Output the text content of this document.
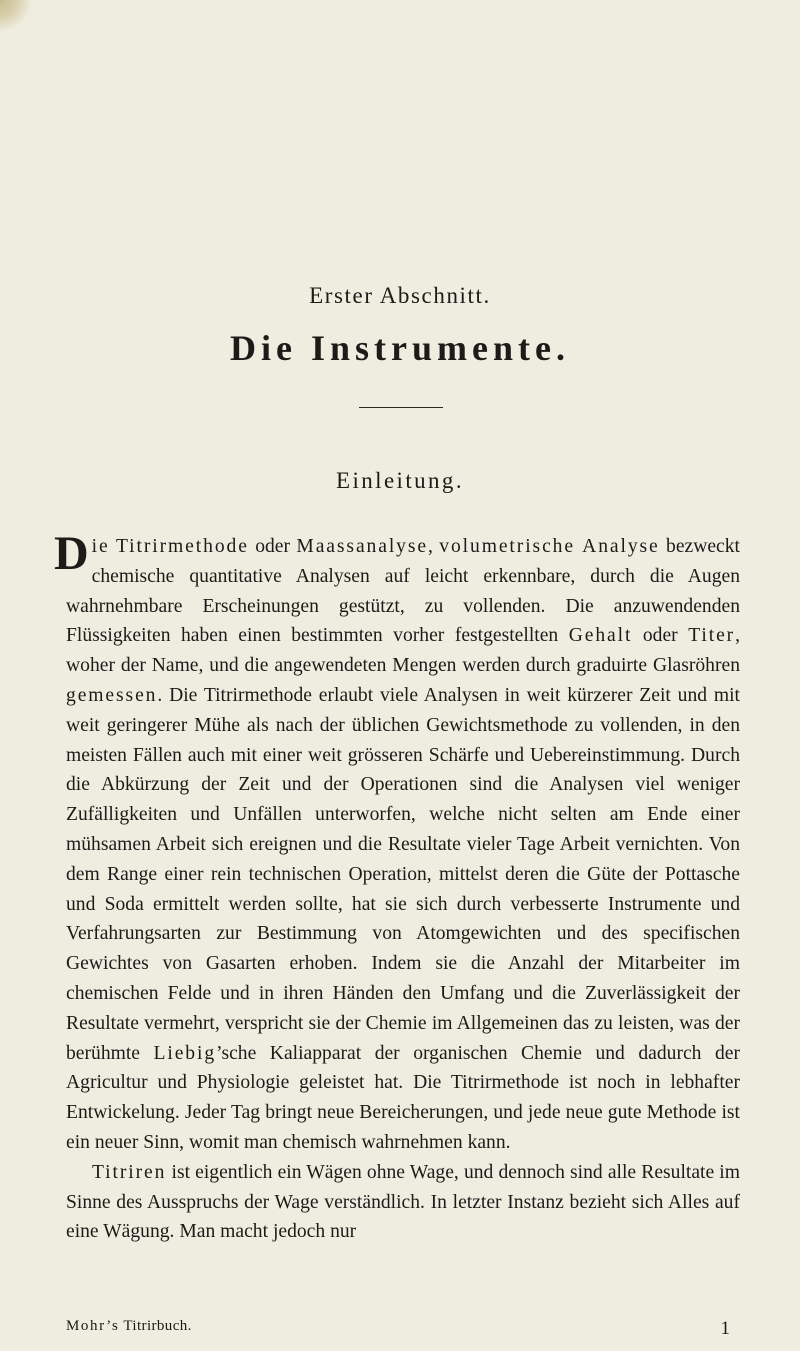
Erster Abschnitt.
Die Instrumente.
Einleitung.

Die Titrirmethode oder Maassanalyse, volumetrische Analyse bezweckt chemische quantitative Analysen auf leicht erkennbare, durch die Augen wahrnehmbare Erscheinungen gestützt, zu vollenden. Die anzuwendenden Flüssigkeiten haben einen bestimmten vorher festgestellten Gehalt oder Titer, woher der Name, und die angewendeten Mengen werden durch graduirte Glasröhren gemessen. Die Titrirmethode erlaubt viele Analysen in weit kürzerer Zeit und mit weit geringerer Mühe als nach der üblichen Gewichtsmethode zu vollenden, in den meisten Fällen auch mit einer weit grösseren Schärfe und Uebereinstimmung. Durch die Abkürzung der Zeit und der Operationen sind die Analysen viel weniger Zufälligkeiten und Unfällen unterworfen, welche nicht selten am Ende einer mühsamen Arbeit sich ereignen und die Resultate vieler Tage Arbeit vernichten. Von dem Range einer rein technischen Operation, mittelst deren die Güte der Pottasche und Soda ermittelt werden sollte, hat sie sich durch verbesserte Instrumente und Verfahrungsarten zur Bestimmung von Atomgewichten und des specifischen Gewichtes von Gasarten erhoben. Indem sie die Anzahl der Mitarbeiter im chemischen Felde und in ihren Händen den Umfang und die Zuverlässigkeit der Resultate vermehrt, verspricht sie der Chemie im Allgemeinen das zu leisten, was der berühmte Liebig’sche Kaliapparat der organischen Chemie und dadurch der Agricultur und Physiologie geleistet hat. Die Titrirmethode ist noch in lebhafter Entwickelung. Jeder Tag bringt neue Bereicherungen, und jede neue gute Methode ist ein neuer Sinn, womit man chemisch wahrnehmen kann.

Titriren ist eigentlich ein Wägen ohne Wage, und dennoch sind alle Resultate im Sinne des Ausspruchs der Wage verständlich. In letzter Instanz bezieht sich Alles auf eine Wägung. Man macht jedoch nur

Mohr’s Titrirbuch.	1
